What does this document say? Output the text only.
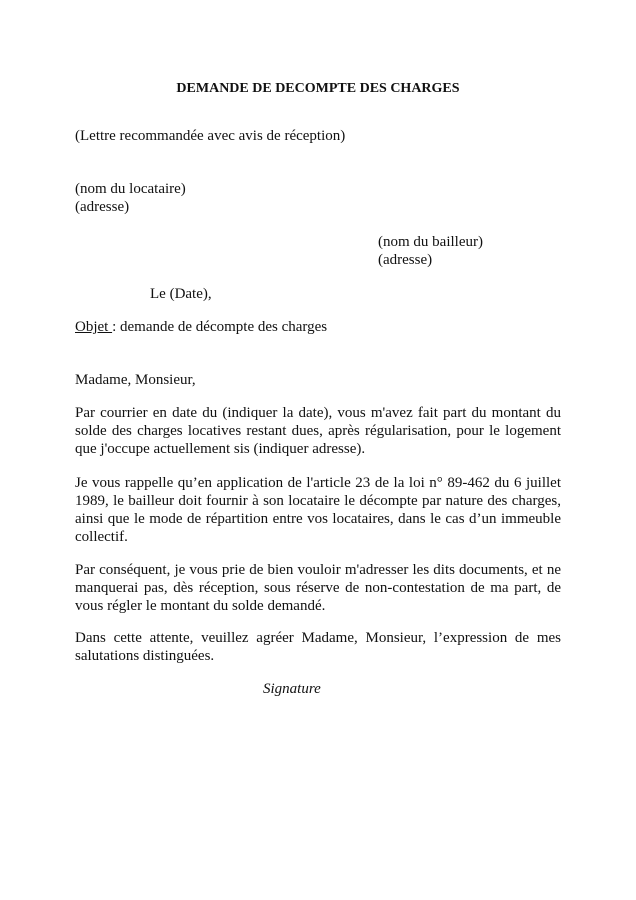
DEMANDE DE DECOMPTE DES CHARGES
(Lettre recommandée avec avis de réception)
(nom du locataire)
(adresse)
(nom du bailleur)
(adresse)
Le (Date),
Objet : demande de décompte des charges
Madame, Monsieur,

Par courrier en date du (indiquer la date), vous m'avez fait part du montant du solde des charges locatives restant dues, après régularisation, pour le logement que j'occupe actuellement sis (indiquer adresse).

Je vous rappelle qu’en application de l'article 23 de la loi n° 89-462 du 6 juillet 1989, le bailleur doit fournir à son locataire le décompte par nature des charges, ainsi que le mode de répartition entre vos locataires, dans le cas d’un immeuble collectif.

Par conséquent, je vous prie de bien vouloir m'adresser les dits documents, et ne manquerai pas, dès réception, sous réserve de non-contestation de ma part, de vous régler le montant du solde demandé.

Dans cette attente, veuillez agréer Madame, Monsieur, l’expression de mes salutations distinguées.

Signature
